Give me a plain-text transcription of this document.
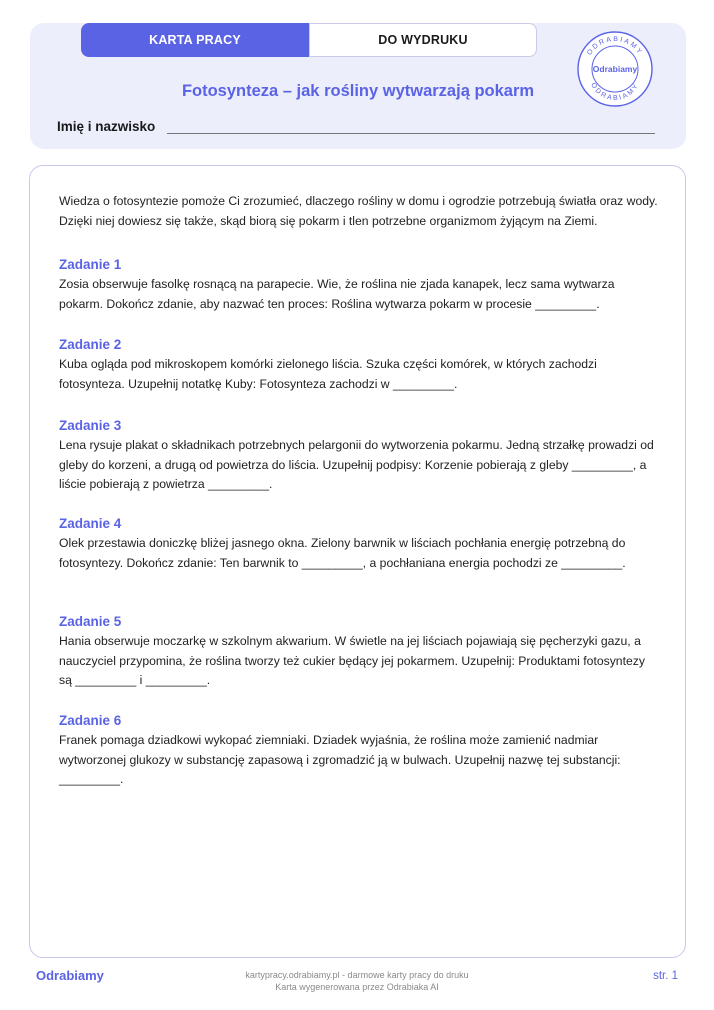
KARTA PRACY	DO WYDRUKU
ODRABIAMY
ODRABIAMY
Odrabiamy
Fotosynteza – jak rośliny wytwarzają pokarm
Imię i nazwisko
Wiedza o fotosyntezie pomoże Ci zrozumieć, dlaczego rośliny w domu i ogrodzie potrzebują światła oraz wody. Dzięki niej dowiesz się także, skąd biorą się pokarm i tlen potrzebne organizmom żyjącym na Ziemi.
Zadanie 1
Zosia obserwuje fasolkę rosnącą na parapecie. Wie, że roślina nie zjada kanapek, lecz sama wytwarza pokarm. Dokończ zdanie, aby nazwać ten proces: Roślina wytwarza pokarm w procesie _________.
Zadanie 2
Kuba ogląda pod mikroskopem komórki zielonego liścia. Szuka części komórek, w których zachodzi fotosynteza. Uzupełnij notatkę Kuby: Fotosynteza zachodzi w _________.
Zadanie 3
Lena rysuje plakat o składnikach potrzebnych pelargonii do wytworzenia pokarmu. Jedną strzałkę prowadzi od gleby do korzeni, a drugą od powietrza do liścia. Uzupełnij podpisy: Korzenie pobierają z gleby _________, a liście pobierają z powietrza _________.
Zadanie 4
Olek przestawia doniczkę bliżej jasnego okna. Zielony barwnik w liściach pochłania energię potrzebną do fotosyntezy. Dokończ zdanie: Ten barwnik to _________, a pochłaniana energia pochodzi ze _________.
Zadanie 5
Hania obserwuje moczarkę w szkolnym akwarium. W świetle na jej liściach pojawiają się pęcherzyki gazu, a nauczyciel przypomina, że roślina tworzy też cukier będący jej pokarmem. Uzupełnij: Produktami fotosyntezy są _________ i _________.
Zadanie 6
Franek pomaga dziadkowi wykopać ziemniaki. Dziadek wyjaśnia, że roślina może zamienić nadmiar wytworzonej glukozy w substancję zapasową i zgromadzić ją w bulwach. Uzupełnij nazwę tej substancji: _________.
Odrabiamy	kartypracy.odrabiamy.pl - darmowe karty pracy do druku
Karta wygenerowana przez Odrabiaka AI
str. 1
